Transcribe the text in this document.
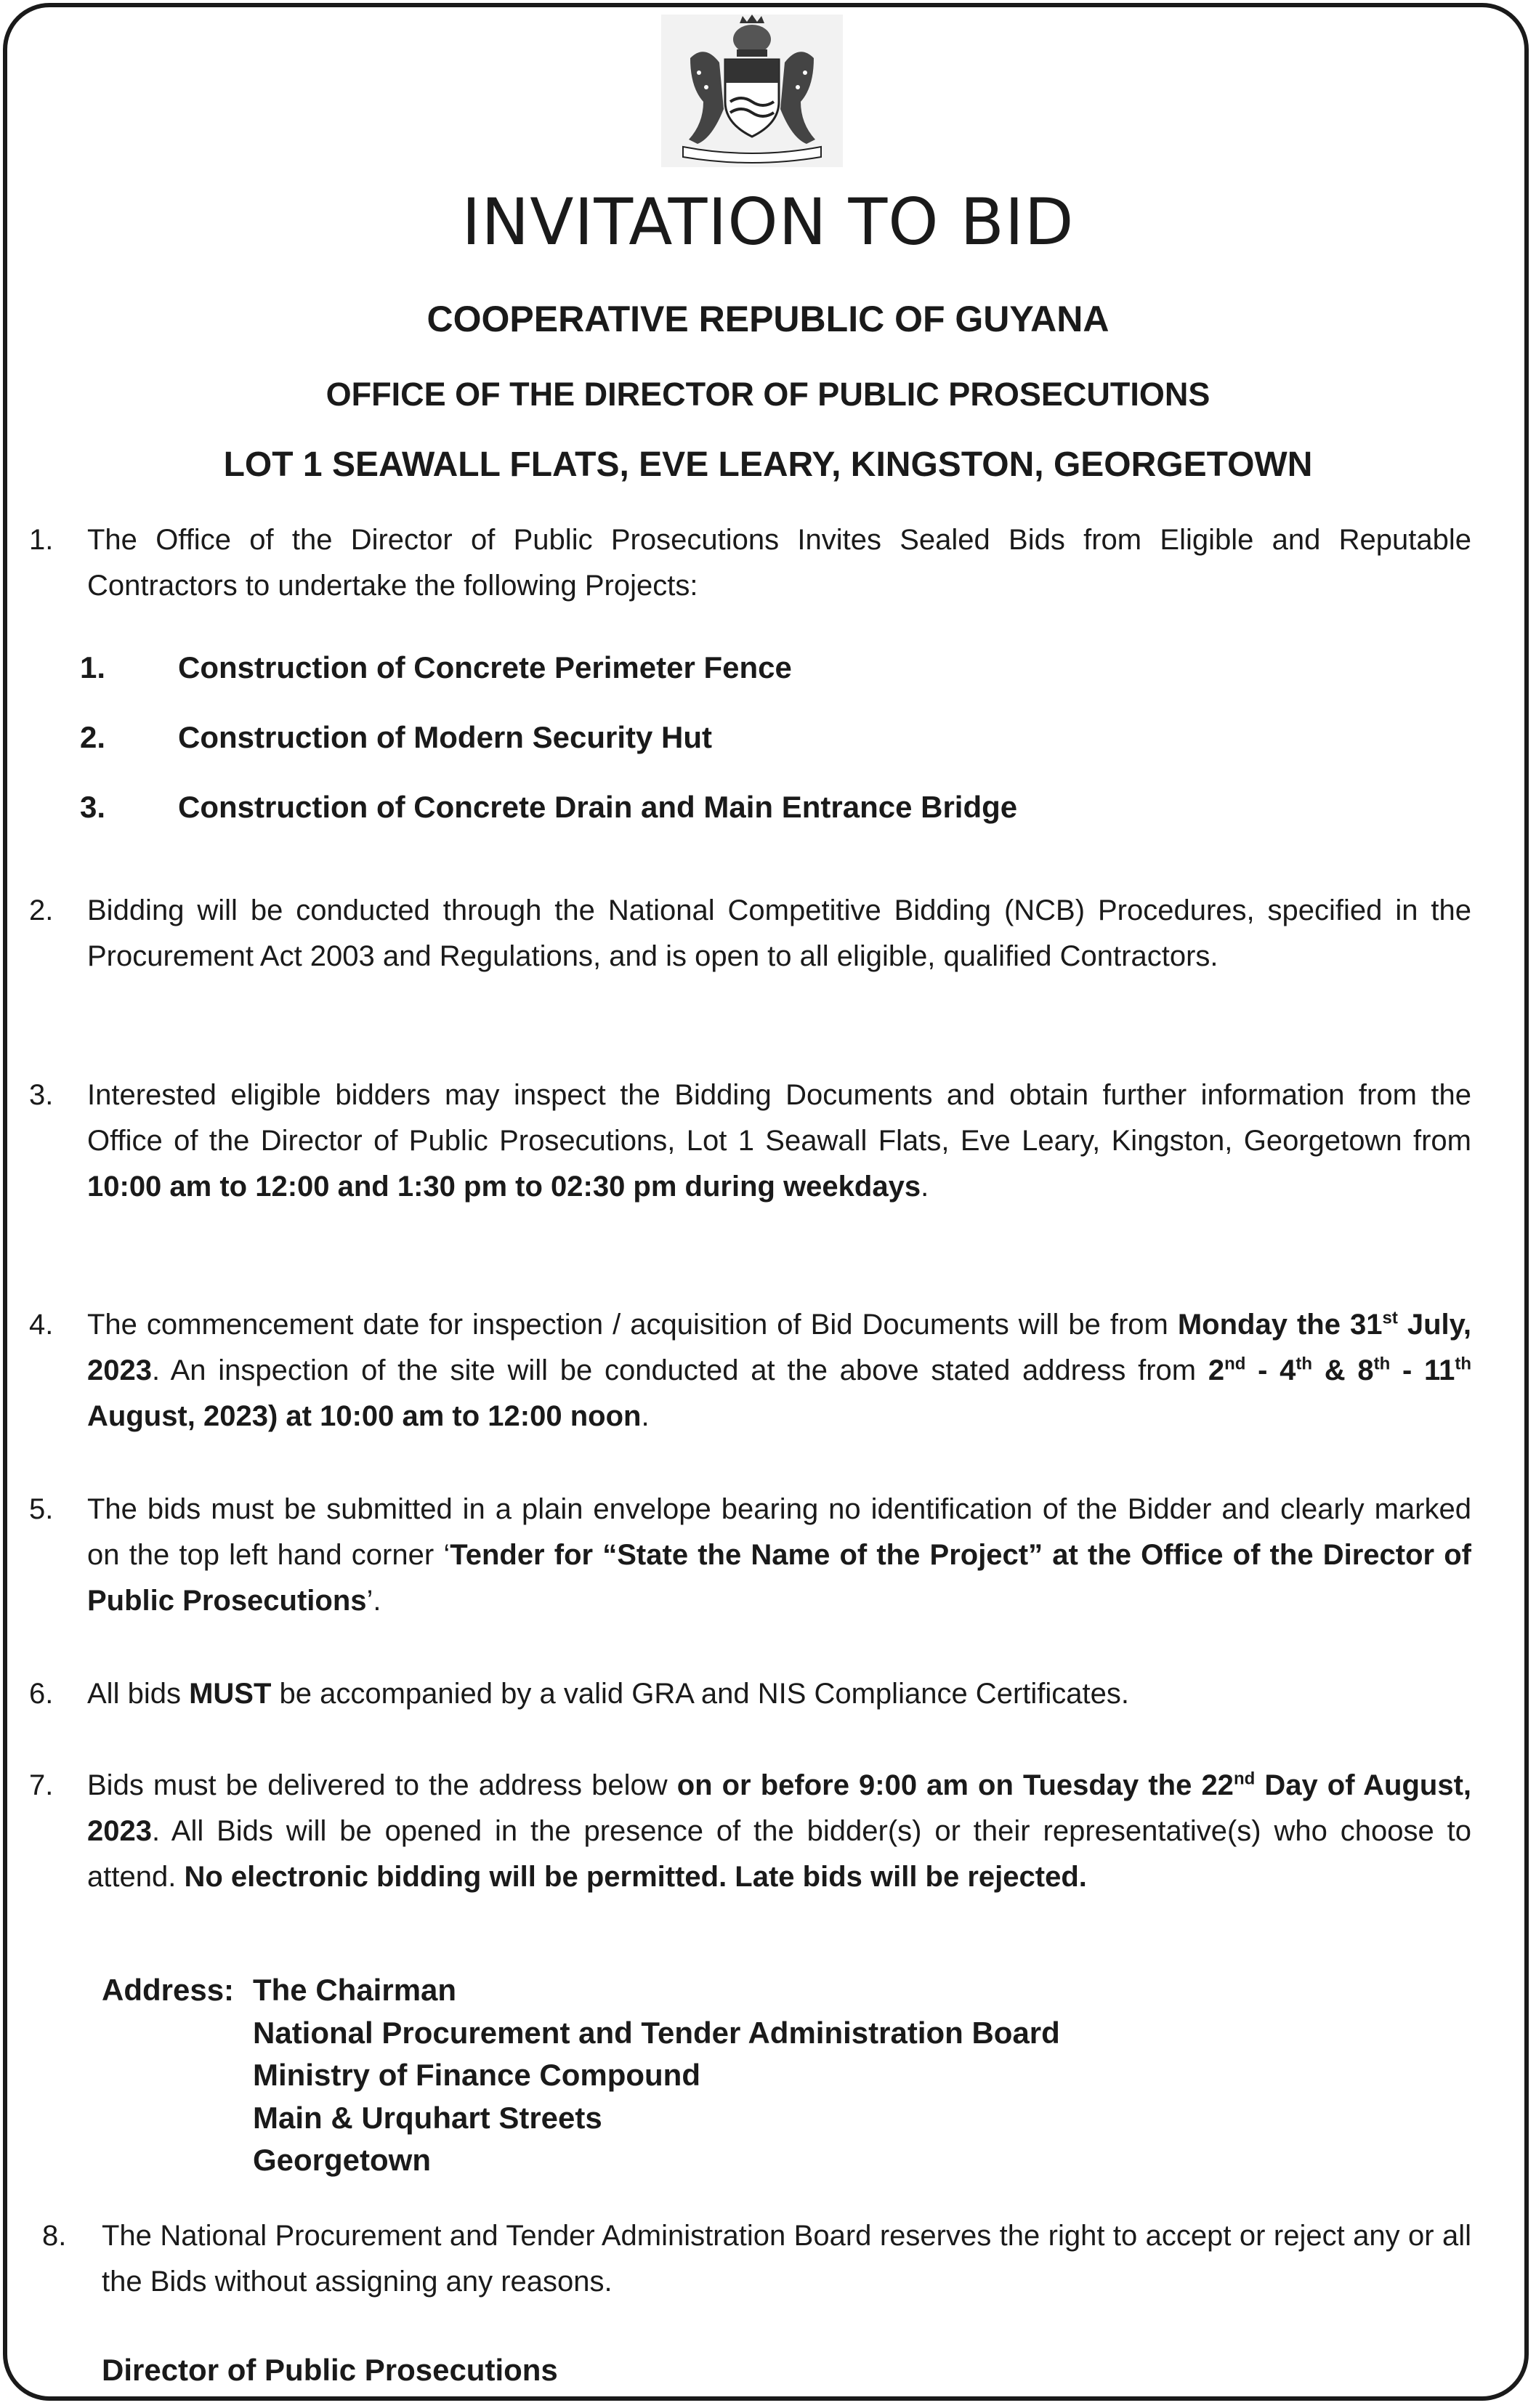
INVITATION TO BID
COOPERATIVE REPUBLIC OF GUYANA
OFFICE OF THE DIRECTOR OF PUBLIC PROSECUTIONS
LOT 1 SEAWALL FLATS, EVE LEARY, KINGSTON, GEORGETOWN
1. The Office of the Director of Public Prosecutions Invites Sealed Bids from Eligible and Reputable Contractors to undertake the following Projects:
1. Construction of Concrete Perimeter Fence
2. Construction of Modern Security Hut
3. Construction of Concrete Drain and Main Entrance Bridge
2. Bidding will be conducted through the National Competitive Bidding (NCB) Procedures, specified in the Procurement Act 2003 and Regulations, and is open to all eligible, qualified Contractors.
3. Interested eligible bidders may inspect the Bidding Documents and obtain further information from the Office of the Director of Public Prosecutions, Lot 1 Seawall Flats, Eve Leary, Kingston, Georgetown from 10:00 am to 12:00 and 1:30 pm to 02:30 pm during weekdays.
4. The commencement date for inspection / acquisition of Bid Documents will be from Monday the 31st July, 2023. An inspection of the site will be conducted at the above stated address from 2nd - 4th & 8th - 11th August, 2023) at 10:00 am to 12:00 noon.
5. The bids must be submitted in a plain envelope bearing no identification of the Bidder and clearly marked on the top left hand corner ‘Tender for “State the Name of the Project” at the Office of the Director of Public Prosecutions’.
6. All bids MUST be accompanied by a valid GRA and NIS Compliance Certificates.
7. Bids must be delivered to the address below on or before 9:00 am on Tuesday the 22nd Day of August, 2023. All Bids will be opened in the presence of the bidder(s) or their representative(s) who choose to attend. No electronic bidding will be permitted. Late bids will be rejected.
Address: The Chairman
National Procurement and Tender Administration Board
Ministry of Finance Compound
Main & Urquhart Streets
Georgetown
8. The National Procurement and Tender Administration Board reserves the right to accept or reject any or all the Bids without assigning any reasons.
Director of Public Prosecutions
